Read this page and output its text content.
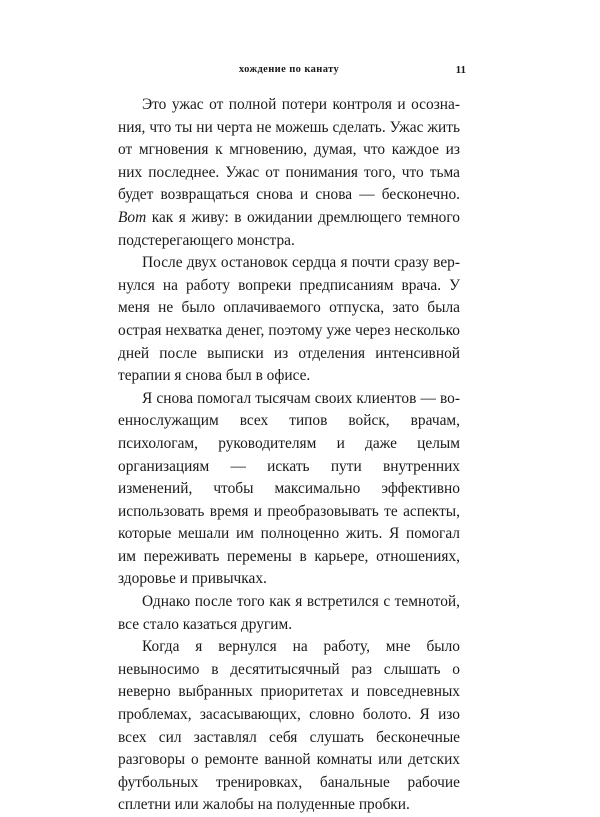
хождение по канату	11

Это ужас от полной потери контроля и осознания, что ты ни черта не можешь сделать. Ужас жить от мгновения к мгновению, думая, что каждое из них последнее. Ужас от понимания того, что тьма будет возвращаться снова и снова — бесконечно. Вот как я живу: в ожидании дремлющего темного подстерегающего монстра.

После двух остановок сердца я почти сразу вернулся на работу вопреки предписаниям врача. У меня не было оплачиваемого отпуска, зато была острая нехватка денег, поэтому уже через несколько дней после выписки из отделения интенсивной терапии я снова был в офисе.

Я снова помогал тысячам своих клиентов — военнослужащим всех типов войск, врачам, психологам, руководителям и даже целым организациям — искать пути внутренних изменений, чтобы максимально эффективно использовать время и преобразовывать те аспекты, которые мешали им полноценно жить. Я помогал им переживать перемены в карьере, отношениях, здоровье и привычках.

Однако после того как я встретился с темнотой, все стало казаться другим.

Когда я вернулся на работу, мне было невыносимо в десятитысячный раз слышать о неверно выбранных приоритетах и повседневных проблемах, засасывающих, словно болото. Я изо всех сил заставлял себя слушать бесконечные разговоры о ремонте ванной комнаты или детских футбольных тренировках, банальные рабочие сплетни или жалобы на полуденные пробки.
